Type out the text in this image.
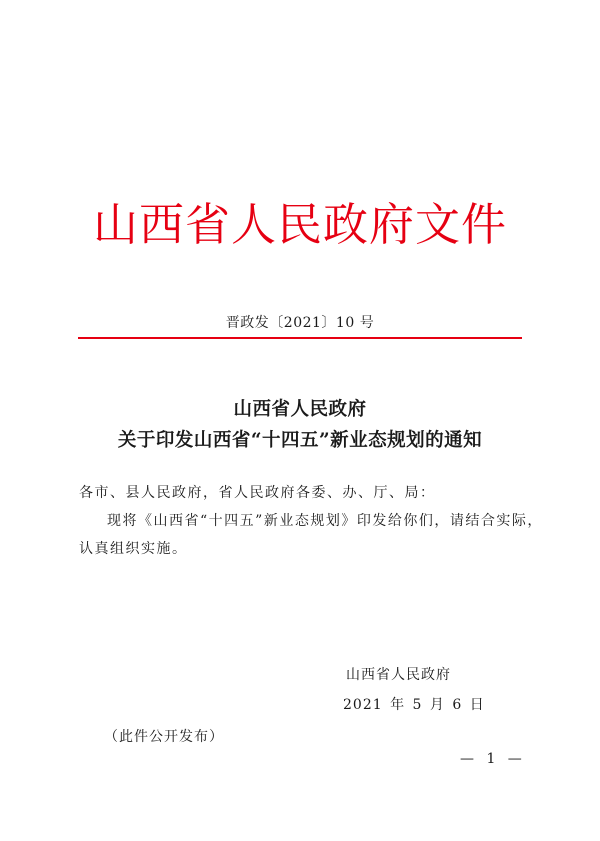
山西省人民政府文件
晋政发〔2021〕10 号
山西省人民政府
关于印发山西省“十四五”新业态规划的通知
各市、县人民政府，省人民政府各委、办、厅、局：
现将《山西省“十四五”新业态规划》印发给你们，请结合实际，
认真组织实施。
山西省人民政府
2021 年 5 月 6 日
（此件公开发布）
— 1 —
